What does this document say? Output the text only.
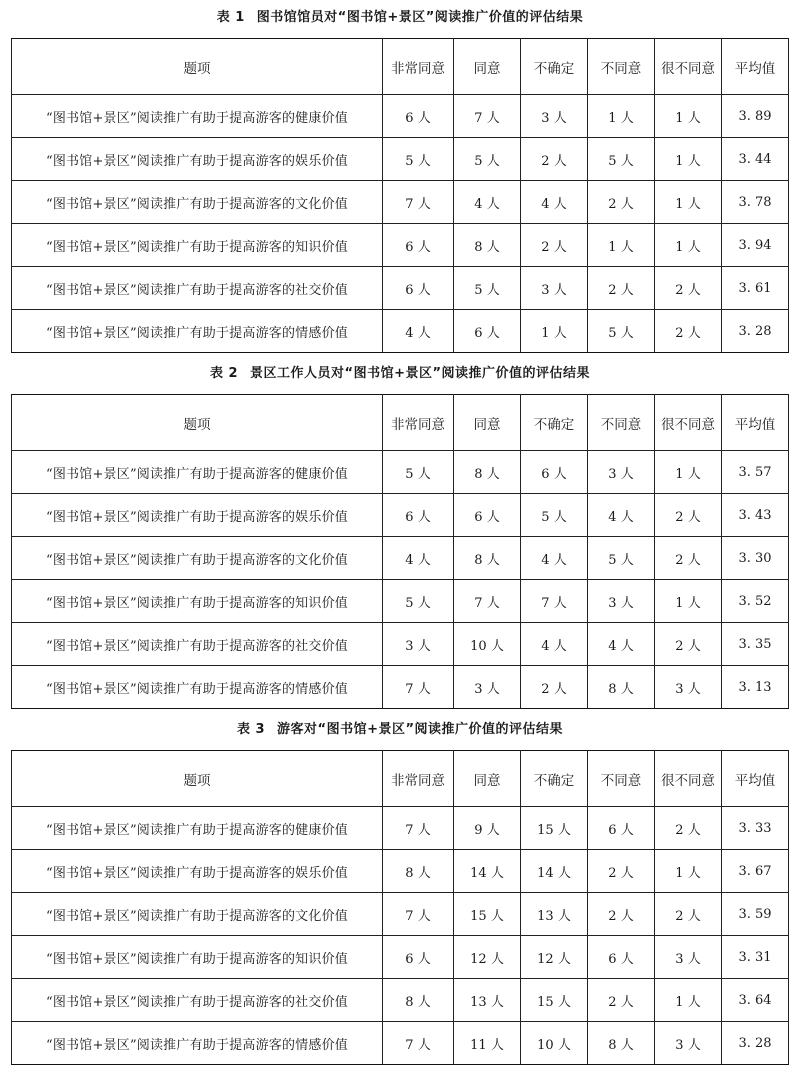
表 1 图书馆馆员对“图书馆+景区”阅读推广价值的评估结果
题项	非常同意	同意	不确定	不同意	很不同意	平均值
“图书馆+景区”阅读推广有助于提高游客的健康价值	6 人	7 人	3 人	1 人	1 人	3. 89
“图书馆+景区”阅读推广有助于提高游客的娱乐价值	5 人	5 人	2 人	5 人	1 人	3. 44
“图书馆+景区”阅读推广有助于提高游客的文化价值	7 人	4 人	4 人	2 人	1 人	3. 78
“图书馆+景区”阅读推广有助于提高游客的知识价值	6 人	8 人	2 人	1 人	1 人	3. 94
“图书馆+景区”阅读推广有助于提高游客的社交价值	6 人	5 人	3 人	2 人	2 人	3. 61
“图书馆+景区”阅读推广有助于提高游客的情感价值	4 人	6 人	1 人	5 人	2 人	3. 28
表 2 景区工作人员对“图书馆+景区”阅读推广价值的评估结果
题项	非常同意	同意	不确定	不同意	很不同意	平均值
“图书馆+景区”阅读推广有助于提高游客的健康价值	5 人	8 人	6 人	3 人	1 人	3. 57
“图书馆+景区”阅读推广有助于提高游客的娱乐价值	6 人	6 人	5 人	4 人	2 人	3. 43
“图书馆+景区”阅读推广有助于提高游客的文化价值	4 人	8 人	4 人	5 人	2 人	3. 30
“图书馆+景区”阅读推广有助于提高游客的知识价值	5 人	7 人	7 人	3 人	1 人	3. 52
“图书馆+景区”阅读推广有助于提高游客的社交价值	3 人	10 人	4 人	4 人	2 人	3. 35
“图书馆+景区”阅读推广有助于提高游客的情感价值	7 人	3 人	2 人	8 人	3 人	3. 13
表 3 游客对“图书馆+景区”阅读推广价值的评估结果
题项	非常同意	同意	不确定	不同意	很不同意	平均值
“图书馆+景区”阅读推广有助于提高游客的健康价值	7 人	9 人	15 人	6 人	2 人	3. 33
“图书馆+景区”阅读推广有助于提高游客的娱乐价值	8 人	14 人	14 人	2 人	1 人	3. 67
“图书馆+景区”阅读推广有助于提高游客的文化价值	7 人	15 人	13 人	2 人	2 人	3. 59
“图书馆+景区”阅读推广有助于提高游客的知识价值	6 人	12 人	12 人	6 人	3 人	3. 31
“图书馆+景区”阅读推广有助于提高游客的社交价值	8 人	13 人	15 人	2 人	1 人	3. 64
“图书馆+景区”阅读推广有助于提高游客的情感价值	7 人	11 人	10 人	8 人	3 人	3. 28
